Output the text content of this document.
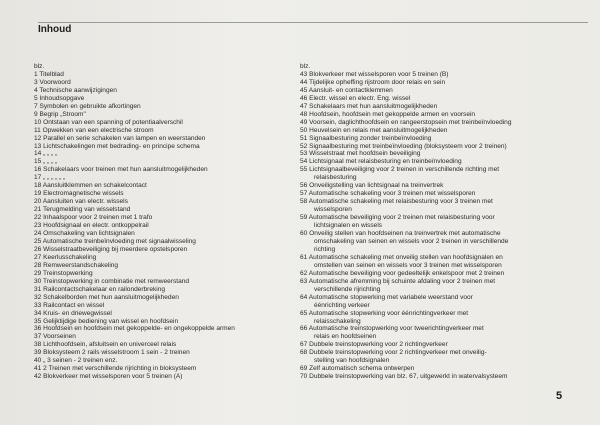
Inhoud
blz.
1 Titelblad
3 Voorwoord
4 Technische aanwijzigingen
5 Inhoudsopgave
7 Symbolen en gebruikte afkortingen
9 Begrip „Stroom"
10 Ontstaan van een spanning of potentiaalverschil
11 Opwekken van een electrische stroom
12 Parallel en serie schakelen van lampen en weerstanden
13 Lichtschakelingen met bedrading- en principe schema
14 „ „ „ „
15 „ „ „ „
16 Schakelaars voor treinen met hun aansluitmogelijkheden
17 „ „ „ „ „ „
18 Aansluitklemmen en schakelcontact
19 Electromagnetische wissels
20 Aansluiten van electr. wissels
21 Terugmelding van wisselstand
22 Inhaalspoor voor 2 treinen met 1 trafo
23 Hoofdsignaal en electr. ontkoppelrail
24 Omschakeling van lichtsignalen
25 Automatische treinbeïnvloeding met signaalwisseling
26 Wisselstraatbeveiliging bij meerdere opstelsporen
27 Keerlusschakeling
28 Remweerstandschakeling
29 Treinstopwerking
30 Treinstopwerking in combinatie met remweerstand
31 Railcontactschakelaar en railonderbreking
32 Schakelborden met hun aansluitmogelijkheden
33 Railcontact en wissel
34 Kruis- en driewegwissel
35 Gelijktijdige bediening van wissel en hoofdsein
36 Hoofdsein en hoofdsein met gekoppelde- en ongekoppelde armen
37 Voorseinen
38 Lichthoofdsein, afsluitsein en univerceel relais
39 Bloksysteem 2 rails wisselstroom 1 sein - 2 treinen
40 „ 3 seinen - 2 treinen enz.
41 2 Treinen met verschillende rijrichting in bloksysteem
42 Blokverkeer met wisselsporen voor 5 treinen (A)
blz.
43 Blokverkeer met wisselsporen voor 5 treinen (B)
44 Tijdelijke opheffing rijstroom door relais en sein
45 Aansluit- en contactklemmen
46 Electr. wissel en electr. Eng. wissel
47 Schakelaars met hun aansluitmogelijkheden
48 Hoofdsein, hoofdsein met gekoppelde armen en voorsein
49 Voorsein, daglichthoofdsein en rangeerstopsein met treinbeïnvloeding
50 Heuvelsein en relais met aansluitmogelijkheden
51 Signaalbesturing zonder treinbeïnvloeding
52 Signaalbesturing met treinbeïnvloeding (bloksysteem voor 2 treinen)
53 Wisselstraat met hoofdsein beveiliging
54 Lichtsignaal met relaisbesturing en treinbeïnvloeding
55 Lichtsignaalbeveiliging voor 2 treinen in verschillende richting met
relaisbesturing
56 Onveiligstelling van lichtsignaal na treinvertrek
57 Automatische schakeling voor 3 treinen met wisselsporen
58 Automatische schakeling met relaisbesturing voor 3 treinen met
wisselsporen
59 Automatische beveiliging voor 2 treinen met relaisbesturing voor
lichtsignalen en wissels
60 Onveilig stellen van hoofdseinen na treinvertrek met automatische
omschakeling van seinen en wissels voor 2 treinen in verschillende
richting
61 Automatische schakeling met onveilig stellen van hoofdsignalen en
omstellen van seinen en wissels voor 3 treinen met wisselsporen
62 Automatische beveiliging voor gedeeltelijk enkelspoor met 2 treinen
63 Automatische afremming bij schuinte afdaling voor 2 treinen met
verschillende rijrichting
64 Automatische stopwerking met variabele weerstand voor
éénrichting verkeer
65 Automatische stopwerking voor éénrichtingverkeer met
relaisschakeling
66 Automatische treinstopwerking voor tweerichtingverkeer met
relais en hoofdseinen
67 Dubbele treinstopwerking voor 2 richtingverkeer
68 Dubbele treinstopwerking voor 2 richtingverkeer met onveilig-
stelling van hoofdsignalen
69 Zelf automatisch schema ontwerpen
70 Dubbele treinstopwerking van blz. 67, uitgewerkt in watervalsysteem
5
